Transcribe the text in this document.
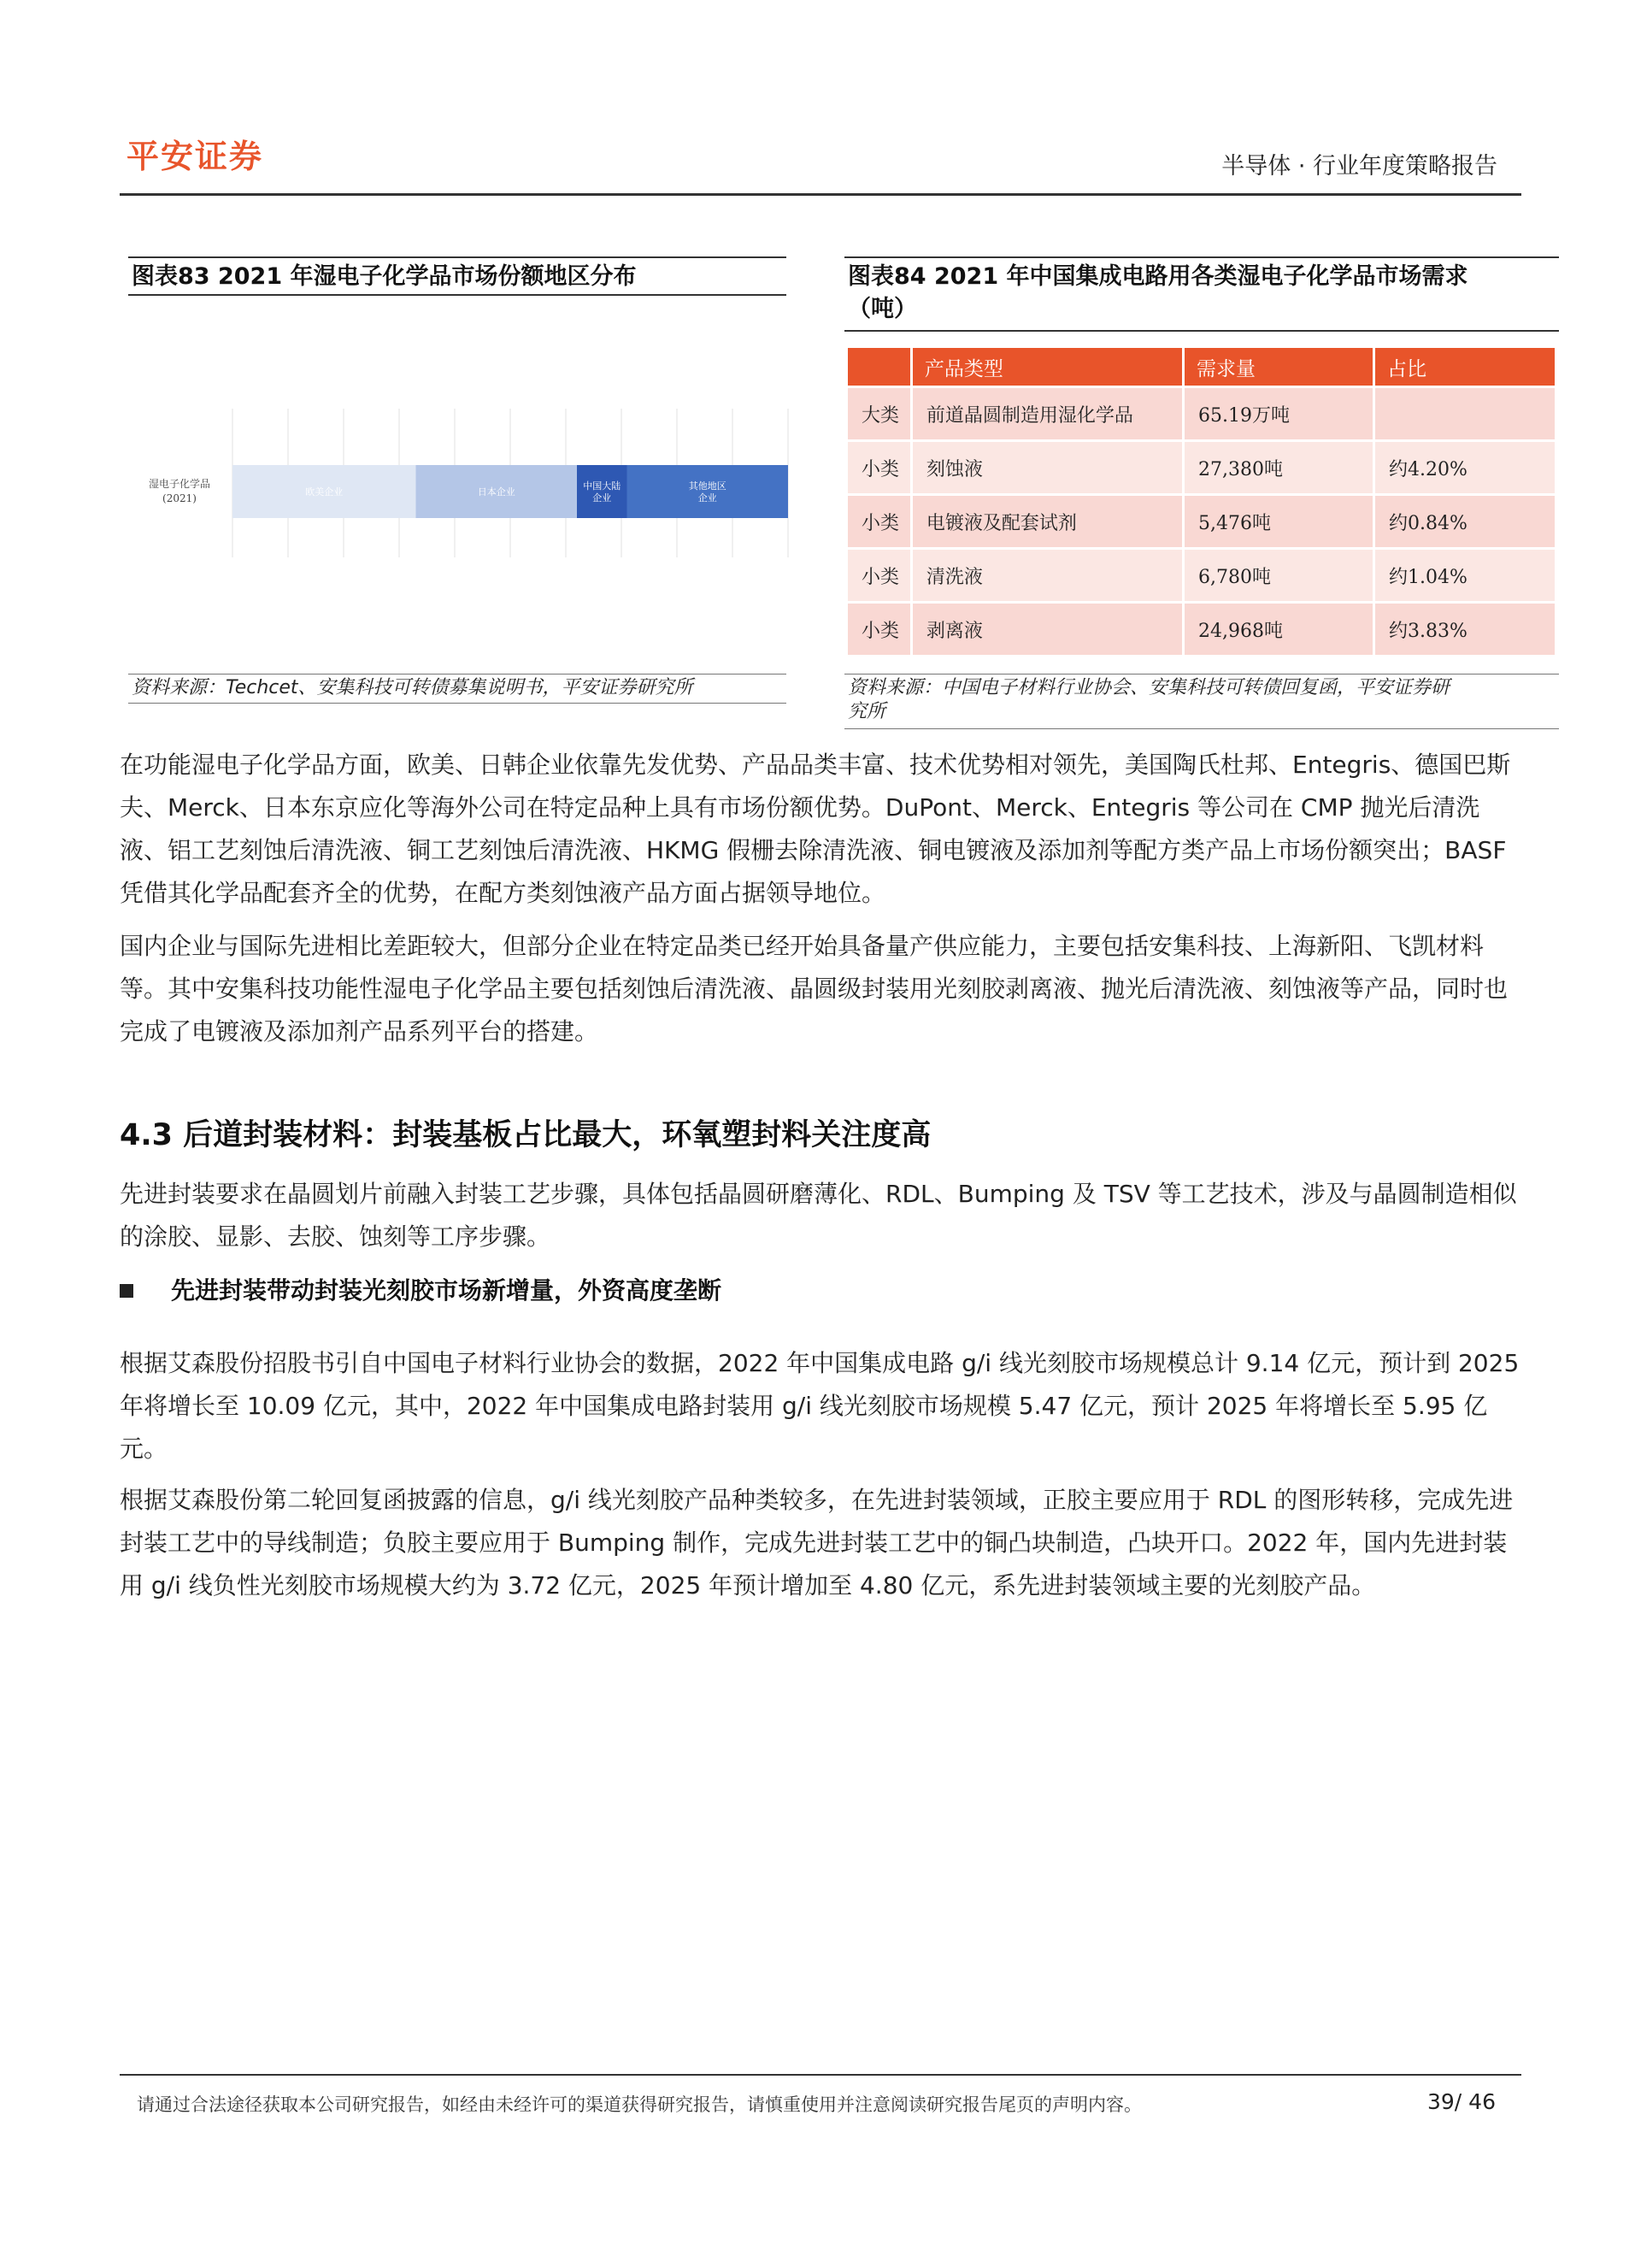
平安证券	半导体 · 行业年度策略报告
图表83 2021 年湿电子化学品市场份额地区分布
欧美企业	日本企业
中国大陆
企业
其他地区
企业
湿电子化学品(2021)
资料来源：Techcet、安集科技可转债募集说明书，平安证券研究所
图表84 2021 年中国集成电路用各类湿电子化学品市场需求
（吨）
	产品类型	需求量	占比
大类	前道晶圆制造用湿化学品	65.19万吨	
小类	刻蚀液	27,380吨	约4.20%
小类	电镀液及配套试剂	5,476吨	约0.84%
小类	清洗液	6,780吨	约1.04%
小类	剥离液	24,968吨	约3.83%
资料来源：中国电子材料行业协会、安集科技可转债回复函，平安证券研
究所
在功能湿电子化学品方面，欧美、日韩企业依靠先发优势、产品品类丰富、技术优势相对领先，美国陶氏杜邦、Entegris、德国巴斯夫、Merck、日本东京应化等海外公司在特定品种上具有市场份额优势。DuPont、Merck、Entegris 等公司在 CMP 抛光后清洗液、铝工艺刻蚀后清洗液、铜工艺刻蚀后清洗液、HKMG 假栅去除清洗液、铜电镀液及添加剂等配方类产品上市场份额突出；BASF 凭借其化学品配套齐全的优势，在配方类刻蚀液产品方面占据领导地位。
国内企业与国际先进相比差距较大，但部分企业在特定品类已经开始具备量产供应能力，主要包括安集科技、上海新阳、飞凯材料等。其中安集科技功能性湿电子化学品主要包括刻蚀后清洗液、晶圆级封装用光刻胶剥离液、抛光后清洗液、刻蚀液等产品，同时也完成了电镀液及添加剂产品系列平台的搭建。
4.3 后道封装材料：封装基板占比最大，环氧塑封料关注度高
先进封装要求在晶圆划片前融入封装工艺步骤，具体包括晶圆研磨薄化、RDL、Bumping 及 TSV 等工艺技术，涉及与晶圆制造相似的涂胶、显影、去胶、蚀刻等工序步骤。
先进封装带动封装光刻胶市场新增量，外资高度垄断
根据艾森股份招股书引自中国电子材料行业协会的数据，2022 年中国集成电路 g/i 线光刻胶市场规模总计 9.14 亿元，预计到 2025 年将增长至 10.09 亿元，其中，2022 年中国集成电路封装用 g/i 线光刻胶市场规模 5.47 亿元，预计 2025 年将增长至 5.95 亿元。
根据艾森股份第二轮回复函披露的信息，g/i 线光刻胶产品种类较多，在先进封装领域，正胶主要应用于 RDL 的图形转移，完成先进封装工艺中的导线制造；负胶主要应用于 Bumping 制作，完成先进封装工艺中的铜凸块制造，凸块开口。2022 年，国内先进封装用 g/i 线负性光刻胶市场规模大约为 3.72 亿元，2025 年预计增加至 4.80 亿元，系先进封装领域主要的光刻胶产品。
请通过合法途径获取本公司研究报告，如经由未经许可的渠道获得研究报告，请慎重使用并注意阅读研究报告尾页的声明内容。	39/ 46
